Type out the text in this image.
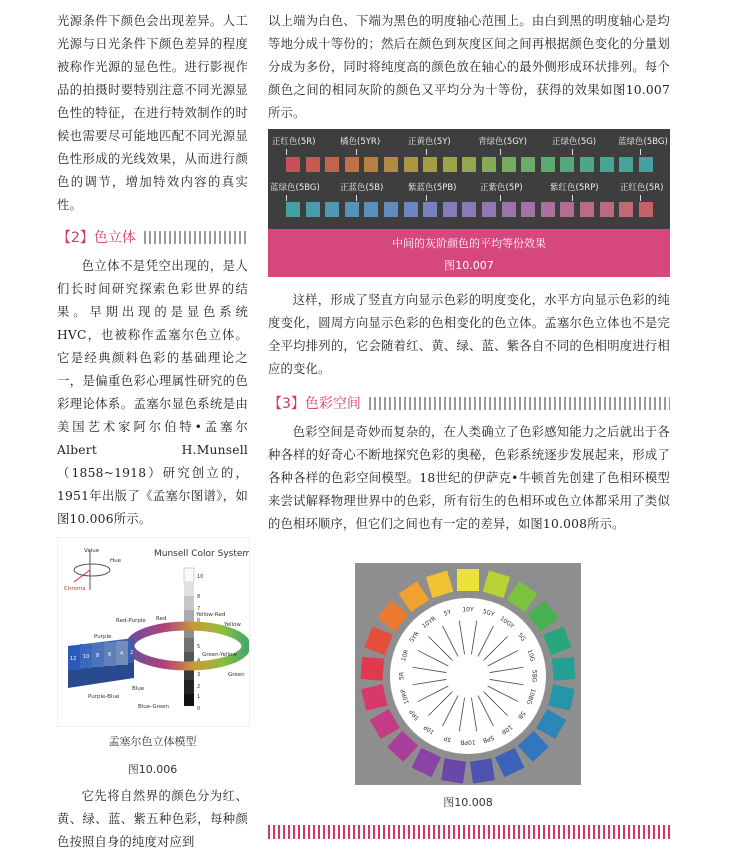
光源条件下颜色会出现差异。人工光源与日光条件下颜色差异的程度被称作光源的显色性。进行影视作品的拍摄时要特别注意不同光源显色性的特征，在进行特效制作的时候也需要尽可能地匹配不同光源显色性形成的光线效果，从而进行颜色的调节，增加特效内容的真实性。

【2】色立体

色立体不是凭空出现的，是人们长时间研究探索色彩世界的结果。早期出现的是显色系统HVC，也被称作孟塞尔色立体。它是经典颜料色彩的基础理论之一，是偏重色彩心理属性研究的色彩理论体系。孟塞尔显色系统是由美国艺术家阿尔伯特•孟塞尔Albert H.Munsell（1858~1918）研究创立的，1951年出版了《孟塞尔图谱》，如图10.006所示。

Munsell Color System
Value
Hue
Chroma
10
8
7
6
5
4
3
2
1
0
12 10 8 6 4 2
Red-Purple Red
Yellow-Red
Yellow
Purple
Green-Yellow
Purple-Blue
Blue
Green
Blue-Green
孟塞尔色立体模型
图10.006

它先将自然界的颜色分为红、黄、绿、蓝、紫五种色彩，每种颜色按照自身的纯度对应到

以上端为白色、下端为黑色的明度轴心范围上。由白到黑的明度轴心是均等地分成十等份的；然后在颜色到灰度区间之间再根据颜色变化的分量划分成为多份，同时将纯度高的颜色放在轴心的最外侧形成环状排列。每个颜色之间的相同灰阶的颜色又平均分为十等份，获得的效果如图10.007所示。

正红色(5R)	橘色(5YR)	正黄色(5Y)	青绿色(5GY)	正绿色(5G)	蓝绿色(5BG)
蓝绿色(5BG) 正蓝色(5B)	紫蓝色(5PB)	正紫色(5P)	紫红色(5RP)	正红色(5R)
中间的灰阶颜色的平均等份效果
图10.007

这样，形成了竖直方向显示色彩的明度变化，水平方向显示色彩的纯度变化，圆周方向显示色彩的色相变化的色立体。孟塞尔色立体也不是完全平均排列的，它会随着红、黄、绿、蓝、紫各自不同的色相明度进行相应的变化。

【3】色彩空间

色彩空间是奇妙而复杂的，在人类确立了色彩感知能力之后就出于各种各样的好奇心不断地探究色彩的奥秘，色彩系统逐步发展起来，形成了各种各样的色彩空间模型。18世纪的伊萨克•牛顿首先创建了色相环模型来尝试解释物理世界中的色彩，所有衍生的色相环或色立体都采用了类似的色相环顺序，但它们之间也有一定的差异，如图10.008所示。

10Y 5GY
10GY
5G
10G
5BG
10BG
5B
10B
5PB
10PB
5P
10P
5RP
10RP
5R
10R
5YR
10YR
5Y
图10.008
